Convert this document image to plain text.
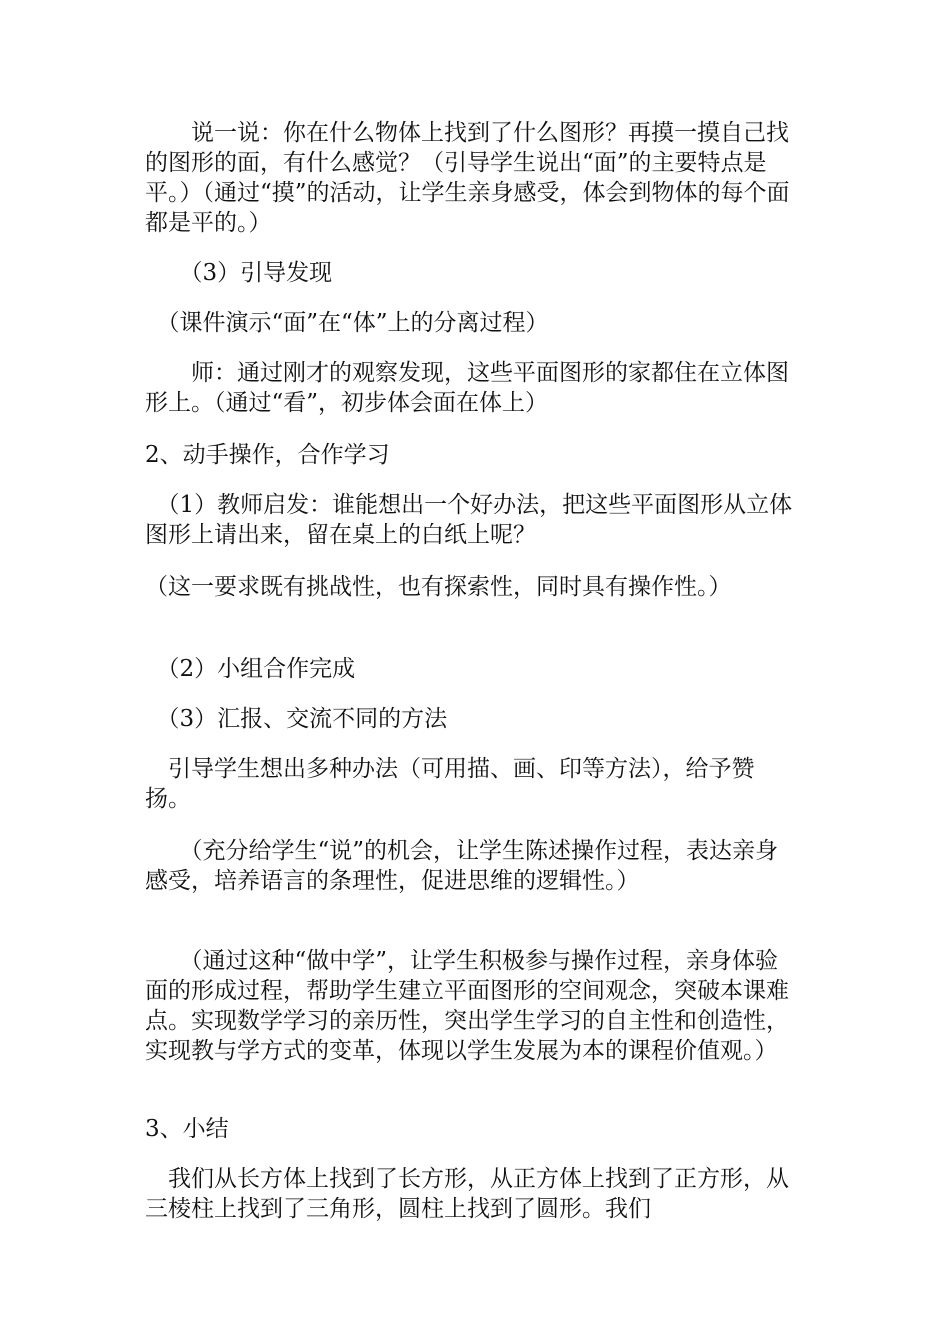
　　说一说：你在什么物体上找到了什么图形？再摸一摸自己找的图形的面，有什么感觉？（引导学生说出“面”的主要特点是平。）（通过“摸”的活动，让学生亲身感受，体会到物体的每个面都是平的。）

　　（3）引导发现

　（课件演示“面”在“体”上的分离过程）

　　师：通过刚才的观察发现，这些平面图形的家都住在立体图形上。（通过“看”，初步体会面在体上）

2、动手操作，合作学习

　（1）教师启发：谁能想出一个好办法，把这些平面图形从立体图形上请出来，留在桌上的白纸上呢？

（这一要求既有挑战性，也有探索性，同时具有操作性。）

　（2）小组合作完成

　（3）汇报、交流不同的方法

　引导学生想出多种办法（可用描、画、印等方法），给予赞扬。

　　（充分给学生“说”的机会，让学生陈述操作过程，表达亲身感受，培养语言的条理性，促进思维的逻辑性。）

　　（通过这种“做中学”，让学生积极参与操作过程，亲身体验面的形成过程，帮助学生建立平面图形的空间观念，突破本课难点。实现数学学习的亲历性，突出学生学习的自主性和创造性，实现教与学方式的变革，体现以学生发展为本的课程价值观。）

3、小结

我们从长方体上找到了长方形，从正方体上找到了正方形，从三棱柱上找到了三角形，圆柱上找到了圆形。我们
